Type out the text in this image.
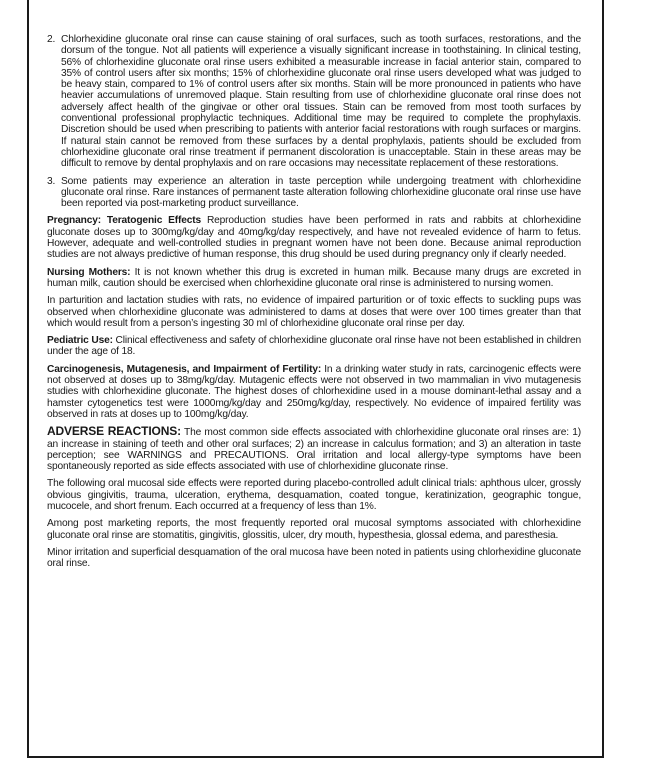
2. Chlorhexidine gluconate oral rinse can cause staining of oral surfaces, such as tooth surfaces, restorations, and the dorsum of the tongue. Not all patients will experience a visually significant increase in toothstaining. In clinical testing, 56% of chlorhexidine gluconate oral rinse users exhibited a measurable increase in facial anterior stain, compared to 35% of control users after six months; 15% of chlorhexidine gluconate oral rinse users developed what was judged to be heavy stain, compared to 1% of control users after six months. Stain will be more pronounced in patients who have heavier accumulations of unremoved plaque. Stain resulting from use of chlorhexidine gluconate oral rinse does not adversely affect health of the gingivae or other oral tissues. Stain can be removed from most tooth surfaces by conventional professional prophylactic techniques. Additional time may be required to complete the prophylaxis. Discretion should be used when prescribing to patients with anterior facial restorations with rough surfaces or margins. If natural stain cannot be removed from these surfaces by a dental prophylaxis, patients should be excluded from chlorhexidine gluconate oral rinse treatment if permanent discoloration is unacceptable. Stain in these areas may be difficult to remove by dental prophylaxis and on rare occasions may necessitate replacement of these restorations.
3. Some patients may experience an alteration in taste perception while undergoing treatment with chlorhexidine gluconate oral rinse. Rare instances of permanent taste alteration following chlorhexidine gluconate oral rinse use have been reported via post-marketing product surveillance.

Pregnancy: Teratogenic Effects Reproduction studies have been performed in rats and rabbits at chlorhexidine gluconate doses up to 300mg/kg/day and 40mg/kg/day respectively, and have not revealed evidence of harm to fetus. However, adequate and well-controlled studies in pregnant women have not been done. Because animal reproduction studies are not always predictive of human response, this drug should be used during pregnancy only if clearly needed.

Nursing Mothers: It is not known whether this drug is excreted in human milk. Because many drugs are excreted in human milk, caution should be exercised when chlorhexidine gluconate oral rinse is administered to nursing women.

In parturition and lactation studies with rats, no evidence of impaired parturition or of toxic effects to suckling pups was observed when chlorhexidine gluconate was administered to dams at doses that were over 100 times greater than that which would result from a person’s ingesting 30 ml of chlorhexidine gluconate oral rinse per day.

Pediatric Use: Clinical effectiveness and safety of chlorhexidine gluconate oral rinse have not been established in children under the age of 18.

Carcinogenesis, Mutagenesis, and Impairment of Fertility: In a drinking water study in rats, carcinogenic effects were not observed at doses up to 38mg/kg/day. Mutagenic effects were not observed in two mammalian in vivo mutagenesis studies with chlorhexidine gluconate. The highest doses of chlorhexidine used in a mouse dominant-lethal assay and a hamster cytogenetics test were 1000mg/kg/day and 250mg/kg/day, respectively. No evidence of impaired fertility was observed in rats at doses up to 100mg/kg/day.

ADVERSE REACTIONS: The most common side effects associated with chlorhexidine gluconate oral rinses are: 1) an increase in staining of teeth and other oral surfaces; 2) an increase in calculus formation; and 3) an alteration in taste perception; see WARNINGS and PRECAUTIONS. Oral irritation and local allergy-type symptoms have been spontaneously reported as side effects associated with use of chlorhexidine gluconate rinse.

The following oral mucosal side effects were reported during placebo-controlled adult clinical trials: aphthous ulcer, grossly obvious gingivitis, trauma, ulceration, erythema, desquamation, coated tongue, keratinization, geographic tongue, mucocele, and short frenum. Each occurred at a frequency of less than 1%.

Among post marketing reports, the most frequently reported oral mucosal symptoms associated with chlorhexidine gluconate oral rinse are stomatitis, gingivitis, glossitis, ulcer, dry mouth, hypesthesia, glossal edema, and paresthesia.

Minor irritation and superficial desquamation of the oral mucosa have been noted in patients using chlorhexidine gluconate oral rinse.
